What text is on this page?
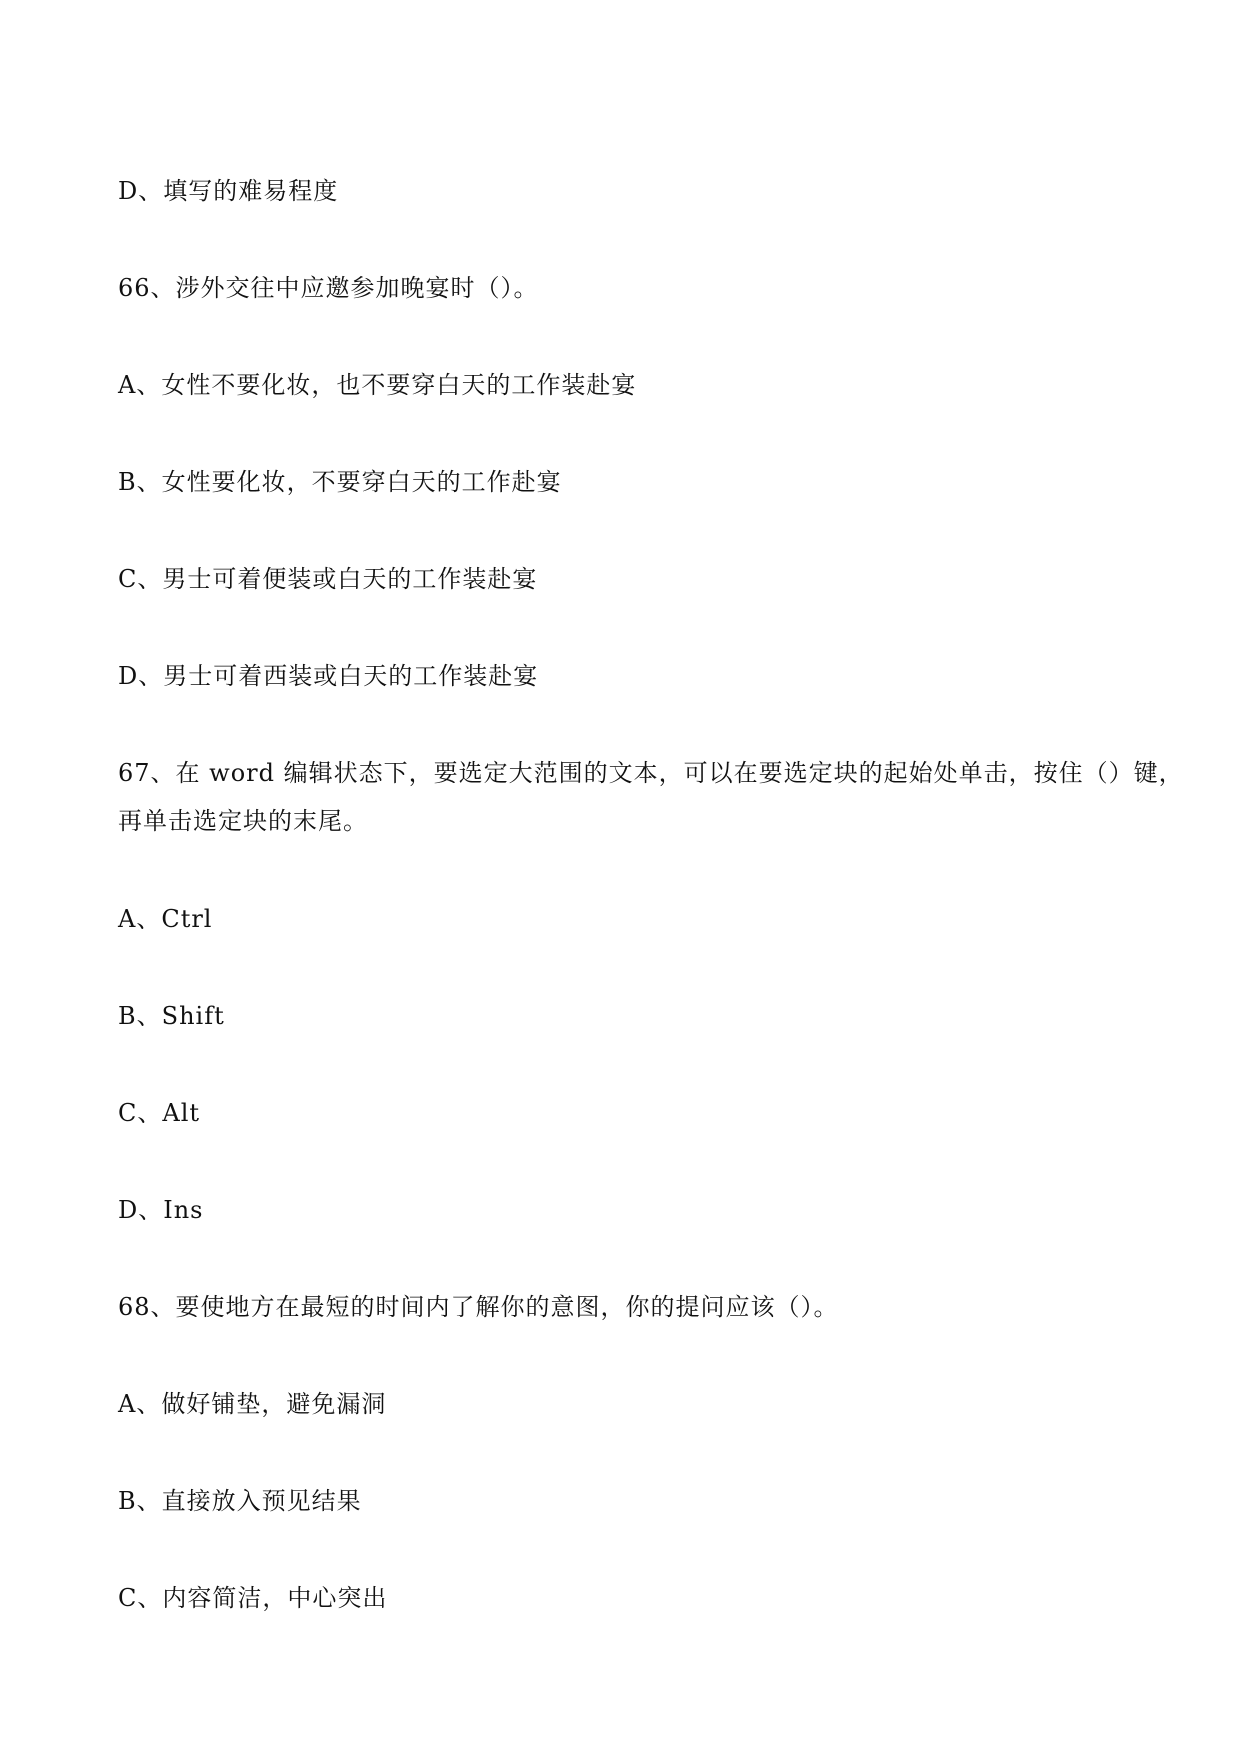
D、填写的难易程度
66、涉外交往中应邀参加晚宴时（）。
A、女性不要化妆，也不要穿白天的工作装赴宴
B、女性要化妆，不要穿白天的工作赴宴
C、男士可着便装或白天的工作装赴宴
D、男士可着西装或白天的工作装赴宴
67、在 word 编辑状态下，要选定大范围的文本，可以在要选定块的起始处单击，按住（）键，
再单击选定块的末尾。
A、Ctrl
B、Shift
C、Alt
D、Ins
68、要使地方在最短的时间内了解你的意图，你的提问应该（）。
A、做好铺垫，避免漏洞
B、直接放入预见结果
C、内容简洁，中心突出
